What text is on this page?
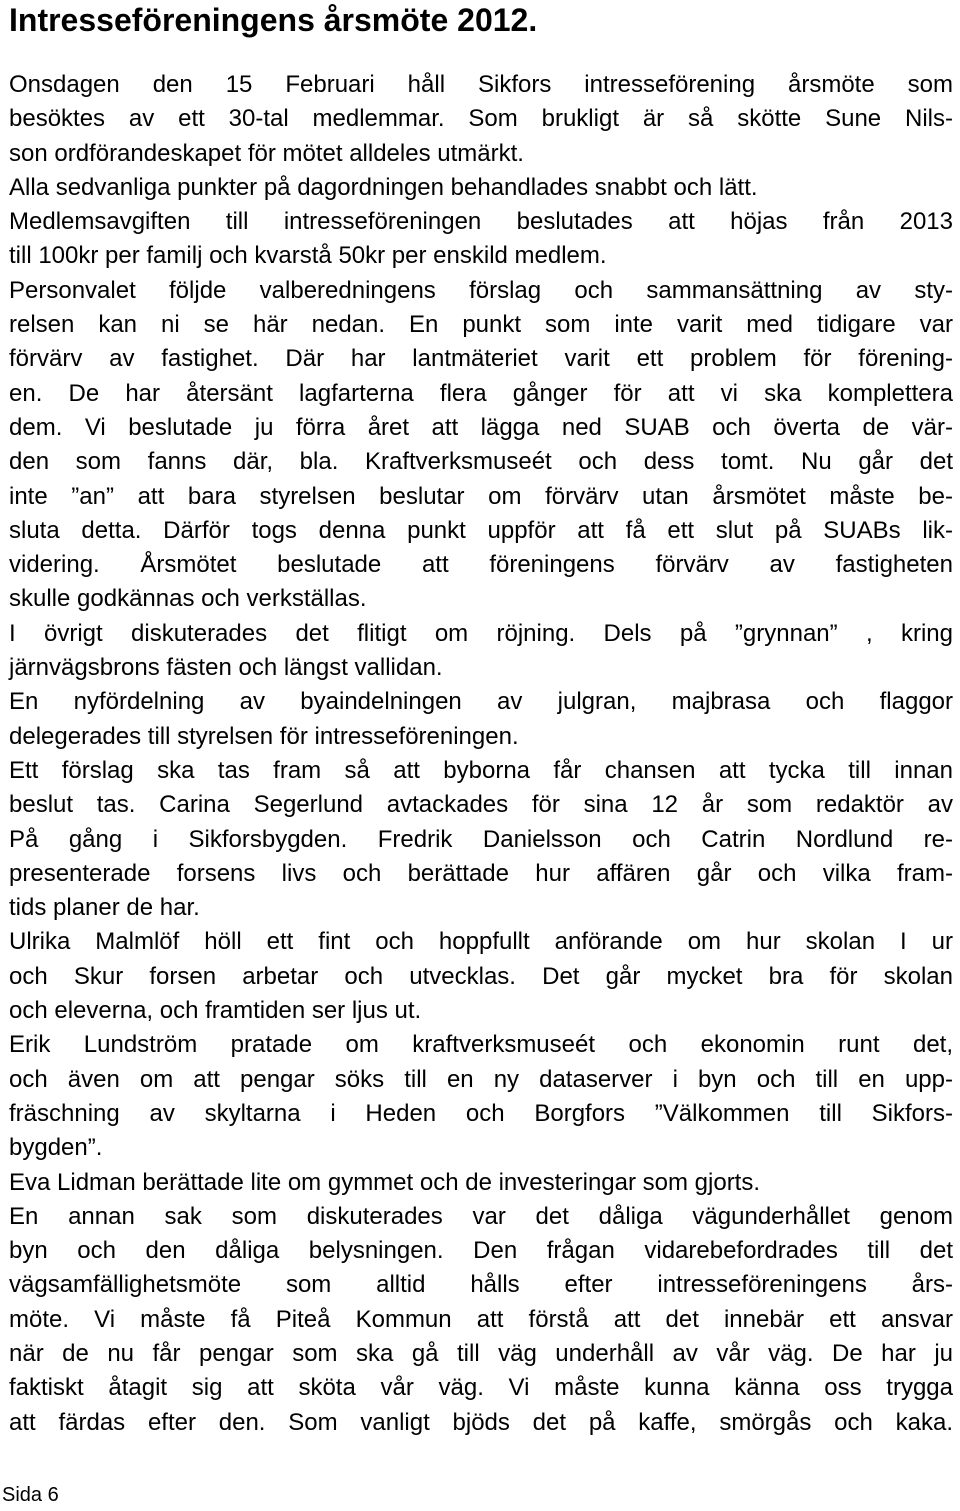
Intresseföreningens årsmöte 2012.
Onsdagen den 15 Februari håll Sikfors intresseförening årsmöte som
besöktes av ett 30-tal medlemmar. Som brukligt är så skötte Sune Nils-
son ordförandeskapet för mötet alldeles utmärkt.
Alla sedvanliga punkter på dagordningen behandlades snabbt och lätt.
Medlemsavgiften till intresseföreningen beslutades att höjas från 2013
till 100kr per familj och kvarstå 50kr per enskild medlem.
Personvalet följde valberedningens förslag och sammansättning av sty-
relsen kan ni se här nedan. En punkt som inte varit med tidigare var
förvärv av fastighet. Där har lantmäteriet varit ett problem för förening-
en. De har återsänt lagfarterna flera gånger för att vi ska komplettera
dem. Vi beslutade ju förra året att lägga ned SUAB och överta de vär-
den som fanns där, bla. Kraftverksmuseét och dess tomt. Nu går det
inte ”an” att bara styrelsen beslutar om förvärv utan årsmötet måste be-
sluta detta. Därför togs denna punkt uppför att få ett slut på SUABs lik-
videring. Årsmötet beslutade att föreningens förvärv av fastigheten
skulle godkännas och verkställas.
I övrigt diskuterades det flitigt om röjning. Dels på ”grynnan” , kring
järnvägsbrons fästen och längst vallidan.
En nyfördelning av byaindelningen av julgran, majbrasa och flaggor
delegerades till styrelsen för intresseföreningen.
Ett förslag ska tas fram så att byborna får chansen att tycka till innan
beslut tas. Carina Segerlund avtackades för sina 12 år som redaktör av
På gång i Sikforsbygden. Fredrik Danielsson och Catrin Nordlund re-
presenterade forsens livs och berättade hur affären går och vilka fram-
tids planer de har.
Ulrika Malmlöf höll ett fint och hoppfullt anförande om hur skolan I ur
och Skur forsen arbetar och utvecklas. Det går mycket bra för skolan
och eleverna, och framtiden ser ljus ut.
Erik Lundström pratade om kraftverksmuseét och ekonomin runt det,
och även om att pengar söks till en ny dataserver i byn och till en upp-
fräschning av skyltarna i Heden och Borgfors ”Välkommen till Sikfors-
bygden”.
Eva Lidman berättade lite om gymmet och de investeringar som gjorts.
En annan sak som diskuterades var det dåliga vägunderhållet genom
byn och den dåliga belysningen. Den frågan vidarebefordrades till det
vägsamfällighetsmöte som alltid hålls efter intresseföreningens års-
möte. Vi måste få Piteå Kommun att förstå att det innebär ett ansvar
när de nu får pengar som ska gå till väg underhåll av vår väg. De har ju
faktiskt åtagit sig att sköta vår väg. Vi måste kunna känna oss trygga
att färdas efter den. Som vanligt bjöds det på kaffe, smörgås och kaka.
Sida 6
